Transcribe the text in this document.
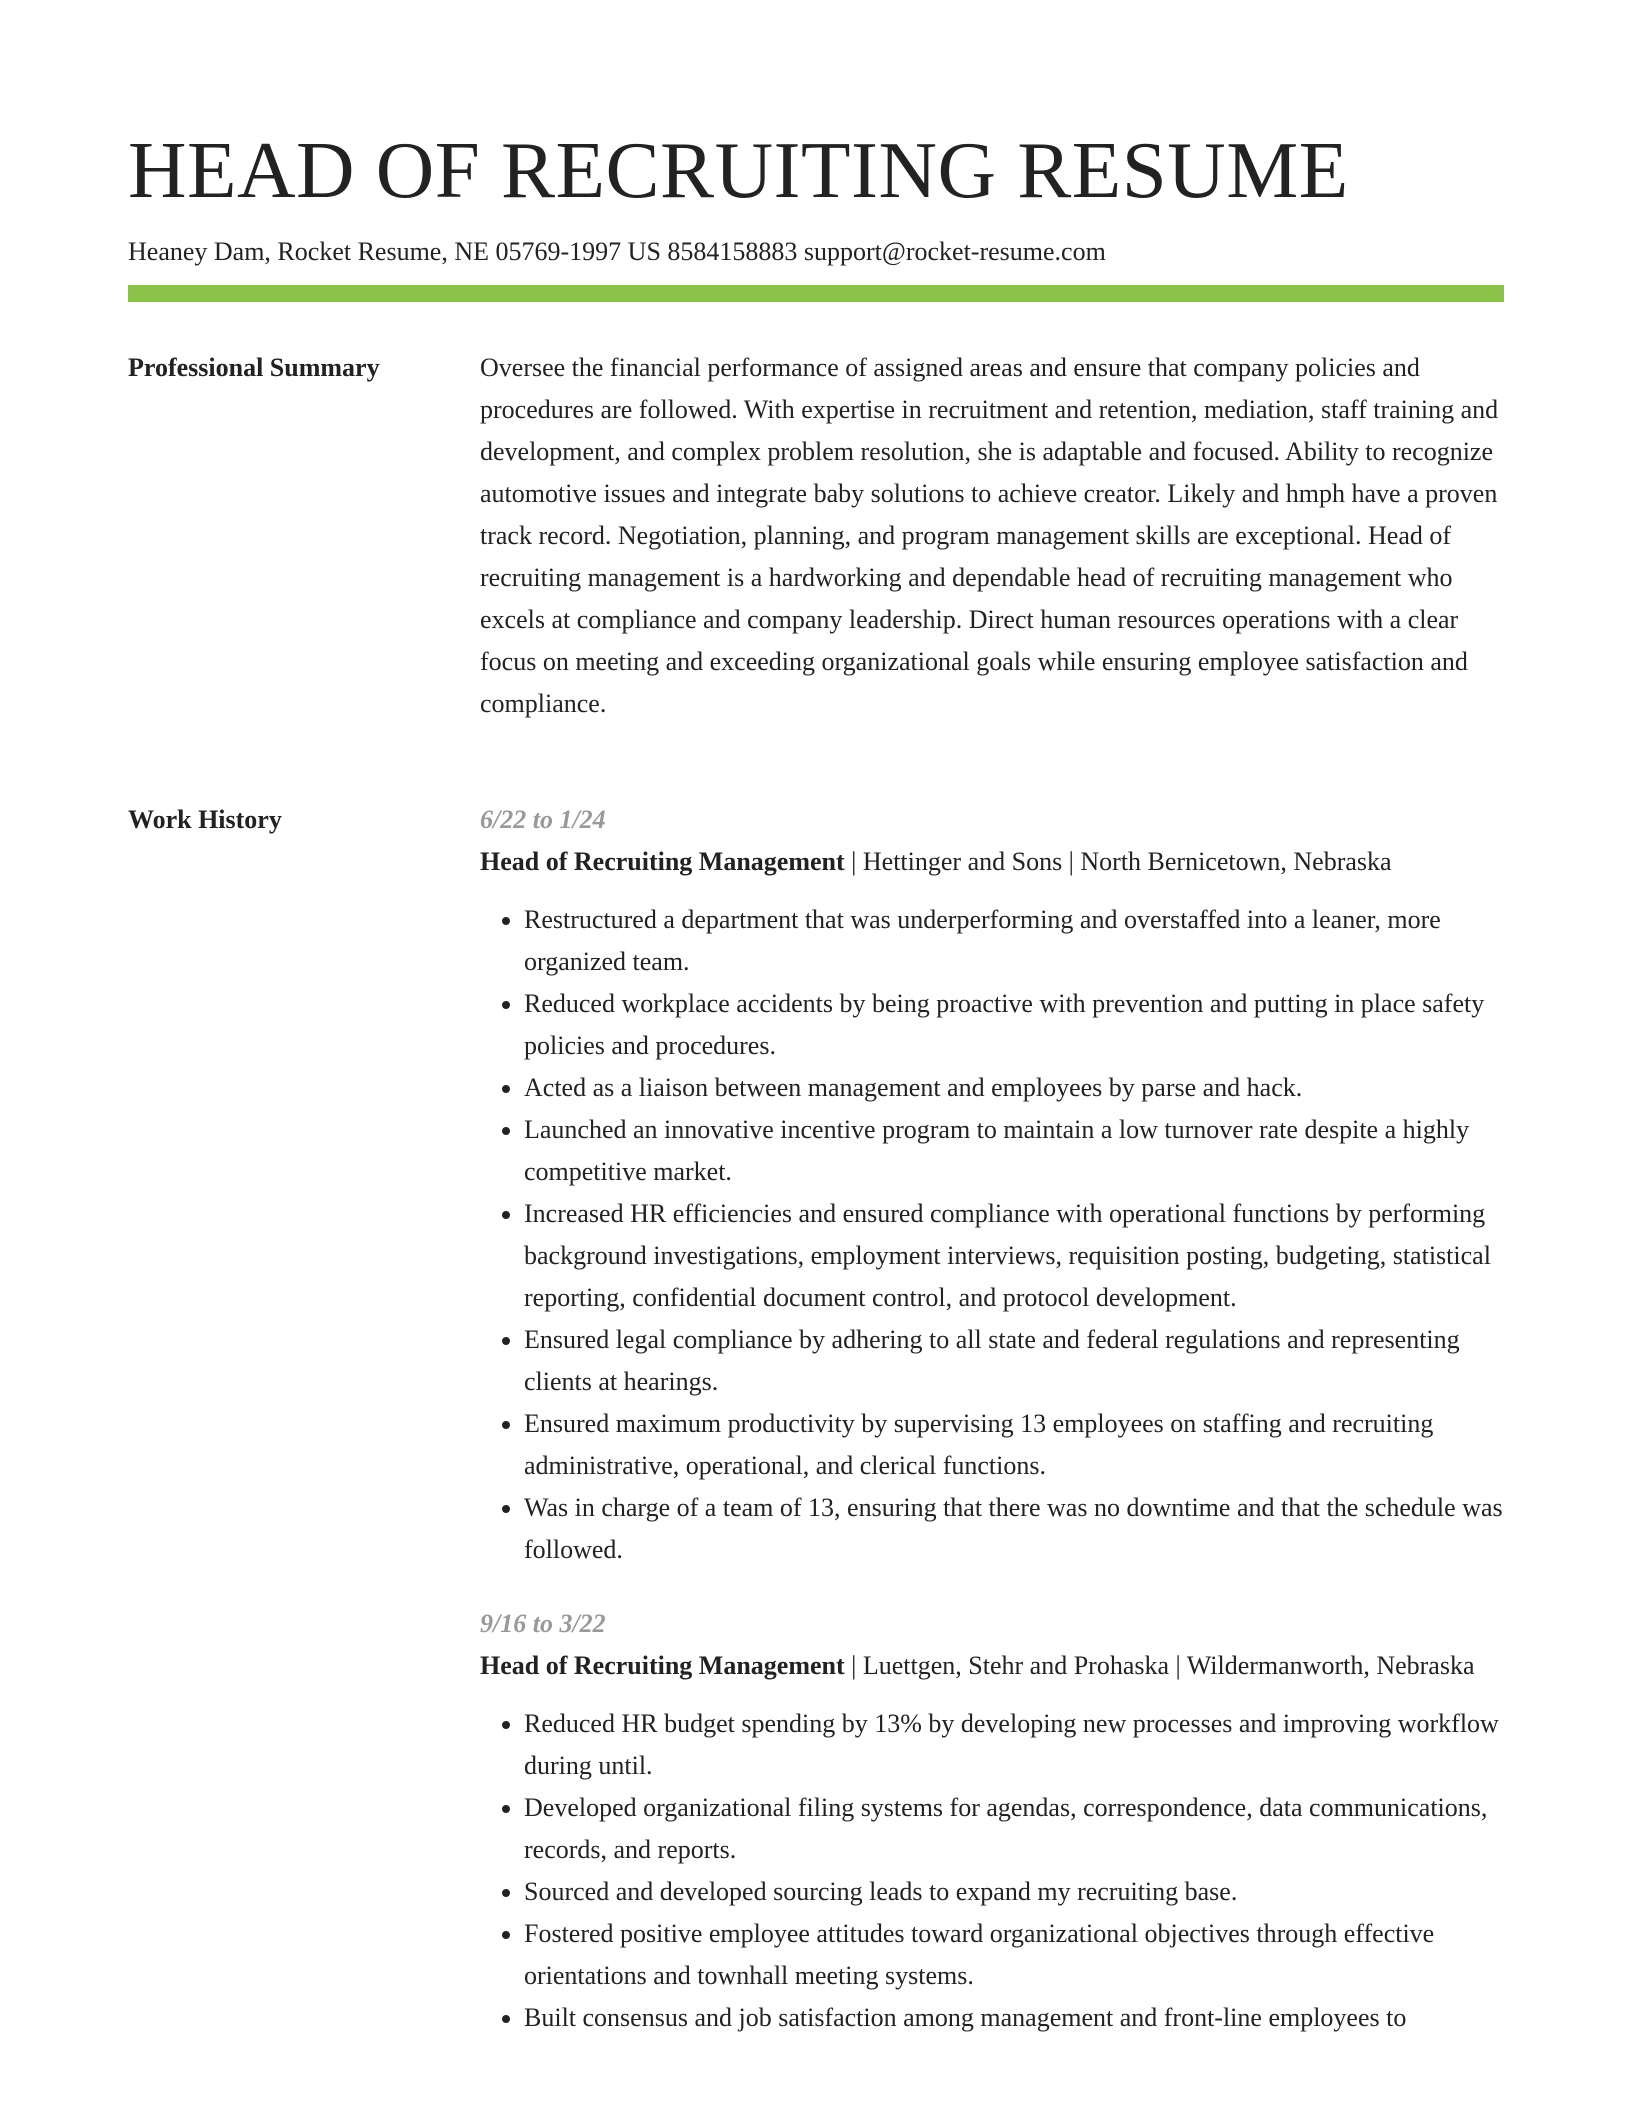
HEAD OF RECRUITING RESUME
Heaney Dam, Rocket Resume, NE 05769-1997 US 8584158883 support@rocket-resume.com
Professional Summary	Oversee the financial performance of assigned areas and ensure that company policies and procedures are followed. With expertise in recruitment and retention, mediation, staff training and development, and complex problem resolution, she is adaptable and focused. Ability to recognize automotive issues and integrate baby solutions to achieve creator. Likely and hmph have a proven track record. Negotiation, planning, and program management skills are exceptional. Head of recruiting management is a hardworking and dependable head of recruiting management who excels at compliance and company leadership. Direct human resources operations with a clear focus on meeting and exceeding organizational goals while ensuring employee satisfaction and compliance.
Work History	6/22 to 1/24
Head of Recruiting Management | Hettinger and Sons | North Bernicetown, Nebraska
• Restructured a department that was underperforming and overstaffed into a leaner, more organized team.
• Reduced workplace accidents by being proactive with prevention and putting in place safety policies and procedures.
• Acted as a liaison between management and employees by parse and hack.
• Launched an innovative incentive program to maintain a low turnover rate despite a highly competitive market.
• Increased HR efficiencies and ensured compliance with operational functions by performing background investigations, employment interviews, requisition posting, budgeting, statistical reporting, confidential document control, and protocol development.
• Ensured legal compliance by adhering to all state and federal regulations and representing clients at hearings.
• Ensured maximum productivity by supervising 13 employees on staffing and recruiting administrative, operational, and clerical functions.
• Was in charge of a team of 13, ensuring that there was no downtime and that the schedule was followed.
9/16 to 3/22
Head of Recruiting Management | Luettgen, Stehr and Prohaska | Wildermanworth, Nebraska
• Reduced HR budget spending by 13% by developing new processes and improving workflow during until.
• Developed organizational filing systems for agendas, correspondence, data communications, records, and reports.
• Sourced and developed sourcing leads to expand my recruiting base.
• Fostered positive employee attitudes toward organizational objectives through effective orientations and townhall meeting systems.
• Built consensus and job satisfaction among management and front-line employees to
